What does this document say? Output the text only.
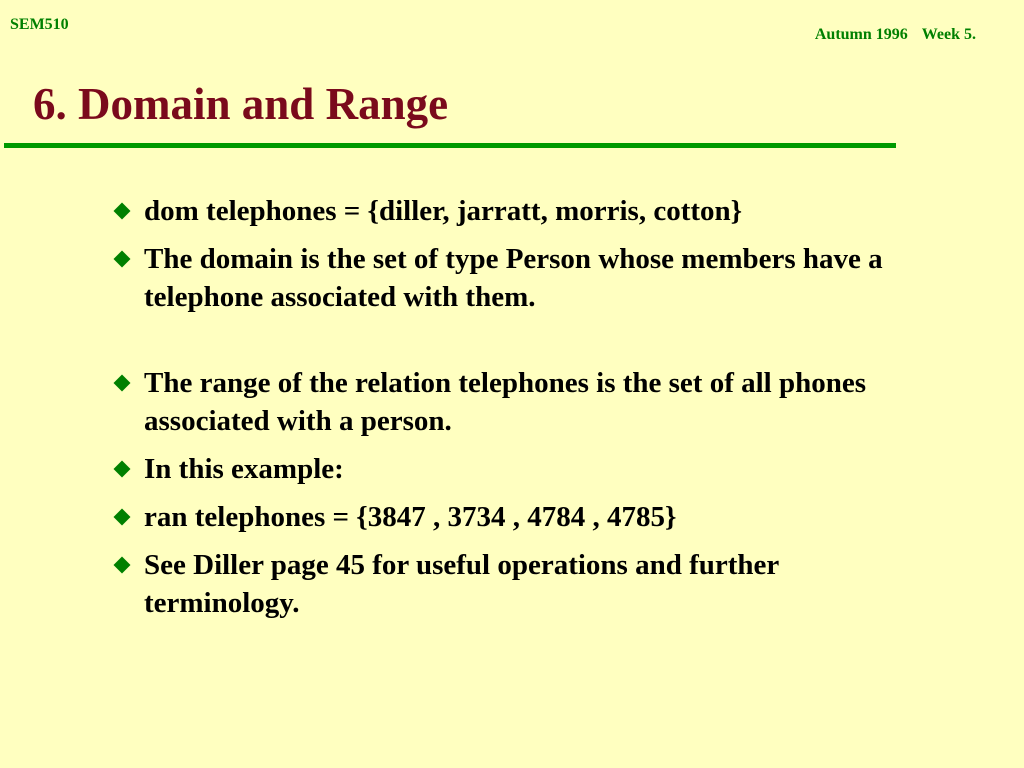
SEM510
Autumn 1996 Week 5.
6. Domain and Range
dom telephones = {diller, jarratt, morris, cotton}
The domain is the set of type Person whose members have a telephone associated with them.
The range of the relation telephones is the set of all phones associated with a person.
In this example:
ran telephones = {3847 , 3734 , 4784 , 4785}
See Diller page 45 for useful operations and further terminology.
